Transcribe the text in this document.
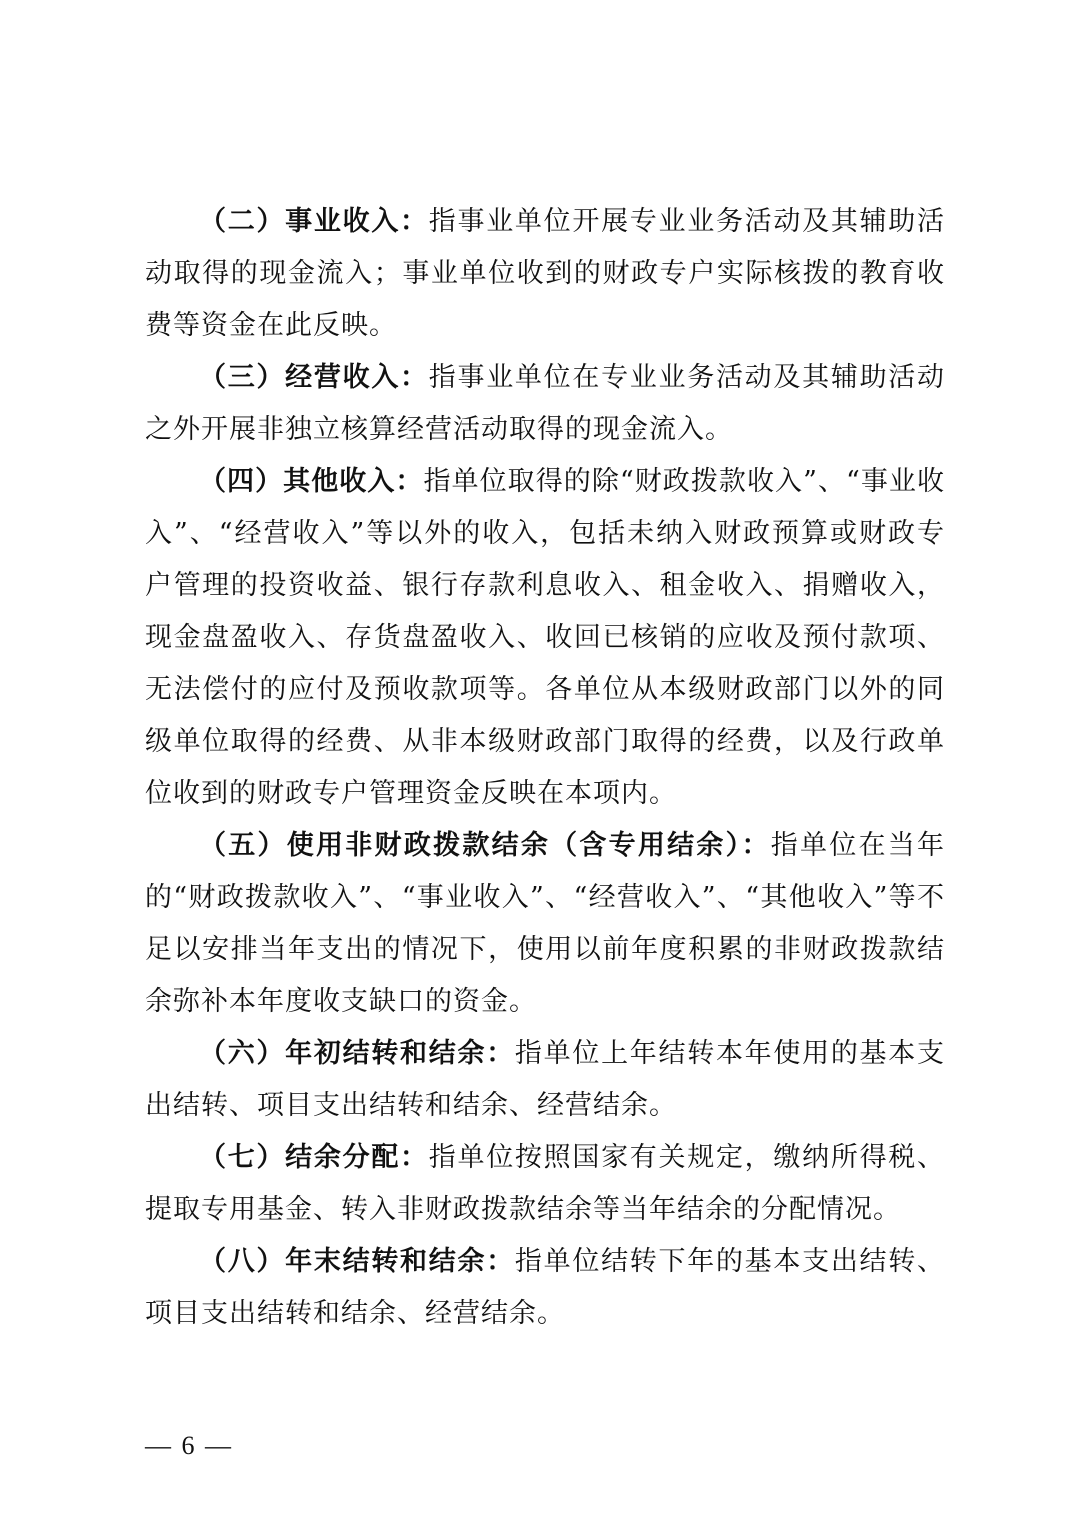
（二）事业收入：指事业单位开展专业业务活动及其辅助活动取得的现金流入；事业单位收到的财政专户实际核拨的教育收费等资金在此反映。

（三）经营收入：指事业单位在专业业务活动及其辅助活动之外开展非独立核算经营活动取得的现金流入。

（四）其他收入：指单位取得的除“财政拨款收入”、“事业收入”、“经营收入”等以外的收入，包括未纳入财政预算或财政专户管理的投资收益、银行存款利息收入、租金收入、捐赠收入，现金盘盈收入、存货盘盈收入、收回已核销的应收及预付款项、无法偿付的应付及预收款项等。各单位从本级财政部门以外的同级单位取得的经费、从非本级财政部门取得的经费，以及行政单位收到的财政专户管理资金反映在本项内。

（五）使用非财政拨款结余（含专用结余）：指单位在当年的“财政拨款收入”、“事业收入”、“经营收入”、“其他收入”等不足以安排当年支出的情况下，使用以前年度积累的非财政拨款结余弥补本年度收支缺口的资金。

（六）年初结转和结余：指单位上年结转本年使用的基本支出结转、项目支出结转和结余、经营结余。

（七）结余分配：指单位按照国家有关规定，缴纳所得税、提取专用基金、转入非财政拨款结余等当年结余的分配情况。

（八）年末结转和结余：指单位结转下年的基本支出结转、项目支出结转和结余、经营结余。

— 6 —
